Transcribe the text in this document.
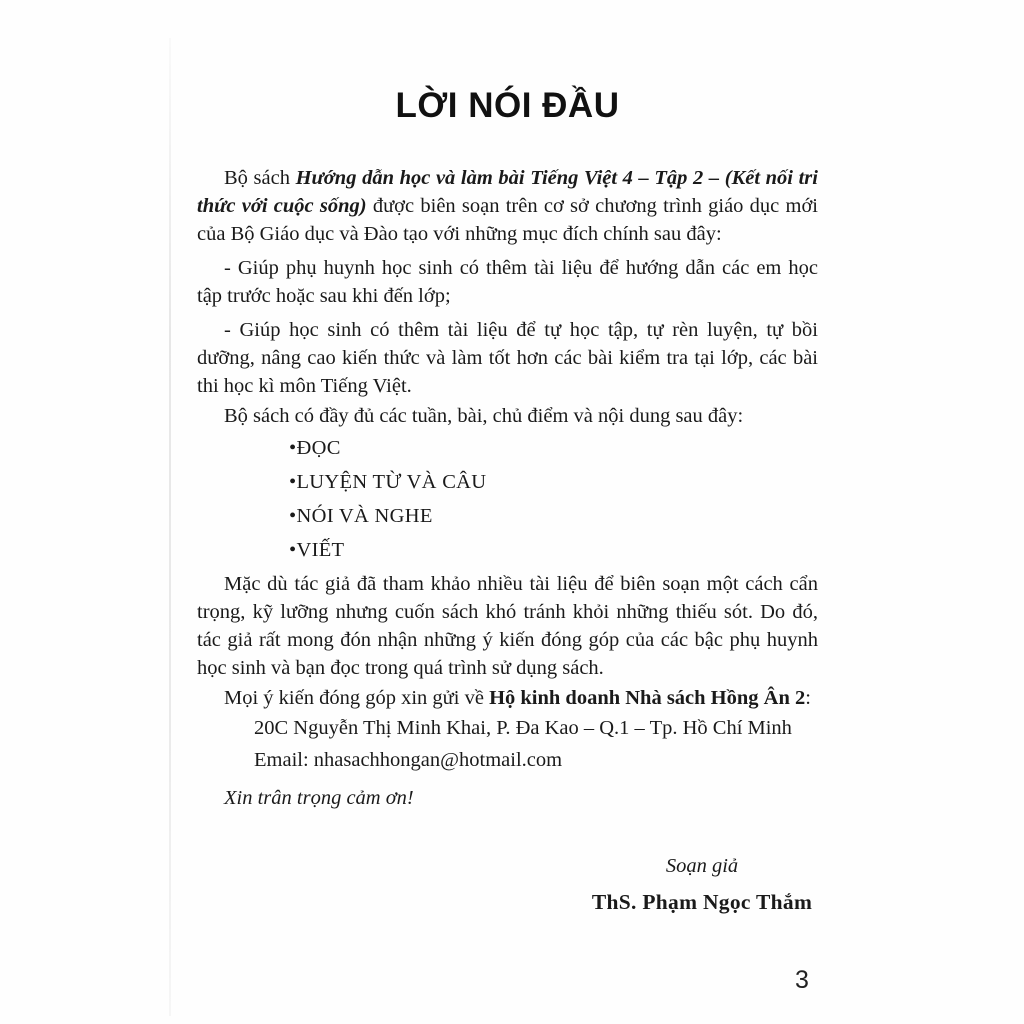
LỜI NÓI ĐẦU

Bộ sách Hướng dẫn học và làm bài Tiếng Việt 4 – Tập 2 – (Kết nối tri thức với cuộc sống) được biên soạn trên cơ sở chương trình giáo dục mới của Bộ Giáo dục và Đào tạo với những mục đích chính sau đây:

- Giúp phụ huynh học sinh có thêm tài liệu để hướng dẫn các em học tập trước hoặc sau khi đến lớp;

- Giúp học sinh có thêm tài liệu để tự học tập, tự rèn luyện, tự bồi dưỡng, nâng cao kiến thức và làm tốt hơn các bài kiểm tra tại lớp, các bài thi học kì môn Tiếng Việt.

Bộ sách có đầy đủ các tuần, bài, chủ điểm và nội dung sau đây:

• ĐỌC
• LUYỆN TỪ VÀ CÂU
• NÓI VÀ NGHE
• VIẾT

Mặc dù tác giả đã tham khảo nhiều tài liệu để biên soạn một cách cẩn trọng, kỹ lưỡng nhưng cuốn sách khó tránh khỏi những thiếu sót. Do đó, tác giả rất mong đón nhận những ý kiến đóng góp của các bậc phụ huynh học sinh và bạn đọc trong quá trình sử dụng sách.

Mọi ý kiến đóng góp xin gửi về Hộ kinh doanh Nhà sách Hồng Ân 2:

20C Nguyễn Thị Minh Khai, P. Đa Kao – Q.1 – Tp. Hồ Chí Minh

Email: nhasachhongan@hotmail.com

Xin trân trọng cảm ơn!

Soạn giả
ThS. Phạm Ngọc Thắm
3
